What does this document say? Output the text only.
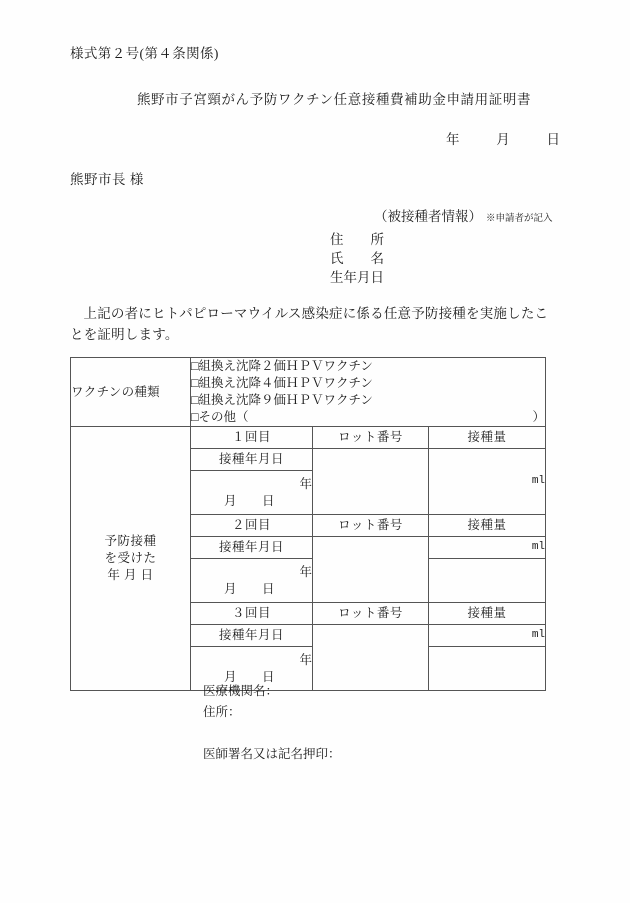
様式第２号(第４条関係)
熊野市子宮頸がん予防ワクチン任意接種費補助金申請用証明書
年	月	日
熊野市長 様
（被接種者情報） ※申請者が記入
住　　所
氏　　名
生年月日
上記の者にヒトパピローマウイルス感染症に係る任意予防接種を実施したことを証明します。
ワクチンの種類	□組換え沈降２価ＨＰＶワクチン
□組換え沈降４価ＨＰＶワクチン
□組換え沈降９価ＨＰＶワクチン
□その他（ ）		

予防接種
を受けた
年 月 日	１回目	ロット番号	接種量
	接種年月日		ml

	年
月 日		

	２回目	ロット番号	接種量
	接種年月日		ml

	年
月 日		

	３回目	ロット番号	接種量
	接種年月日		ml

	年
月 日		

医療機関名：
住所：
医師署名又は記名押印：
